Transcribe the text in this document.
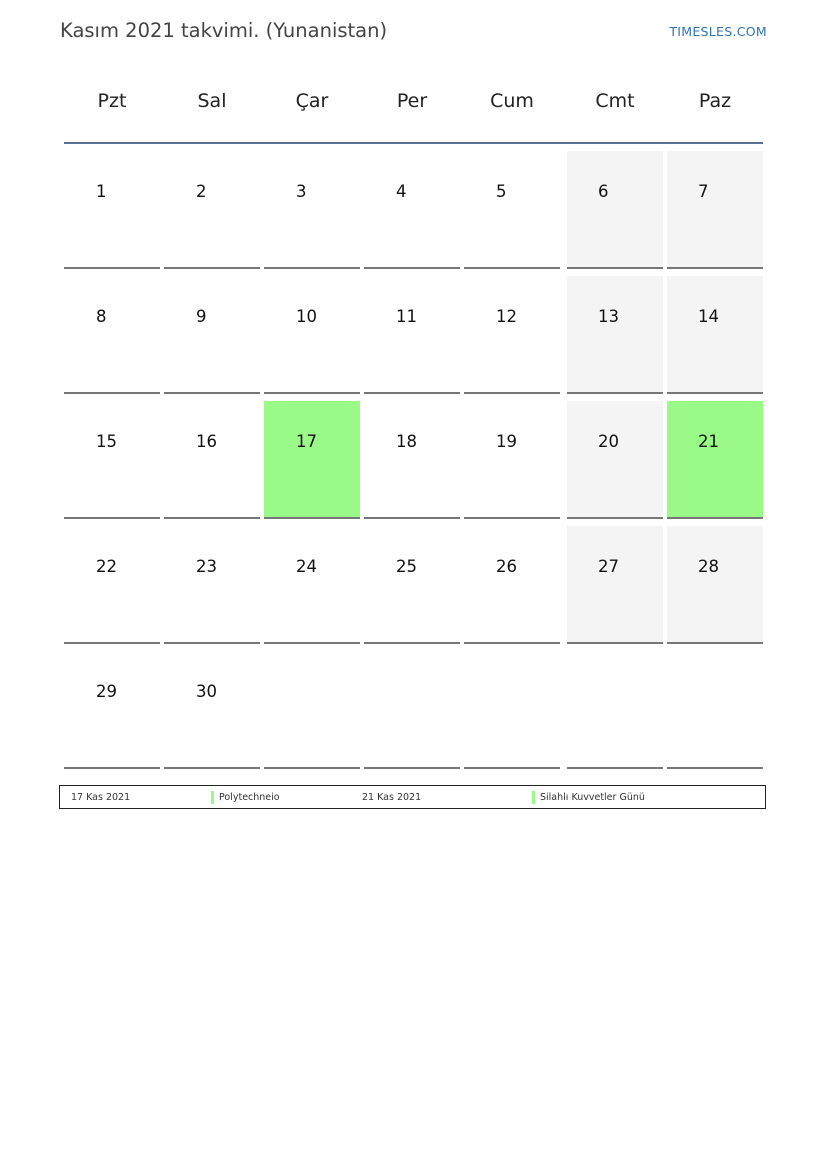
Kasım 2021 takvimi. (Yunanistan)	TIMESLES.COM
Pzt	Sal	Çar	Per	Cum	Cmt	Paz
1	2	3	4	5	6	7
8	9	10	11	12	13	14
15	16	17	18	19	20	21
22	23	24	25	26	27	28
29	30
17 Kas 2021	Polytechneio	21 Kas 2021	Silahlı Kuvvetler Günü
